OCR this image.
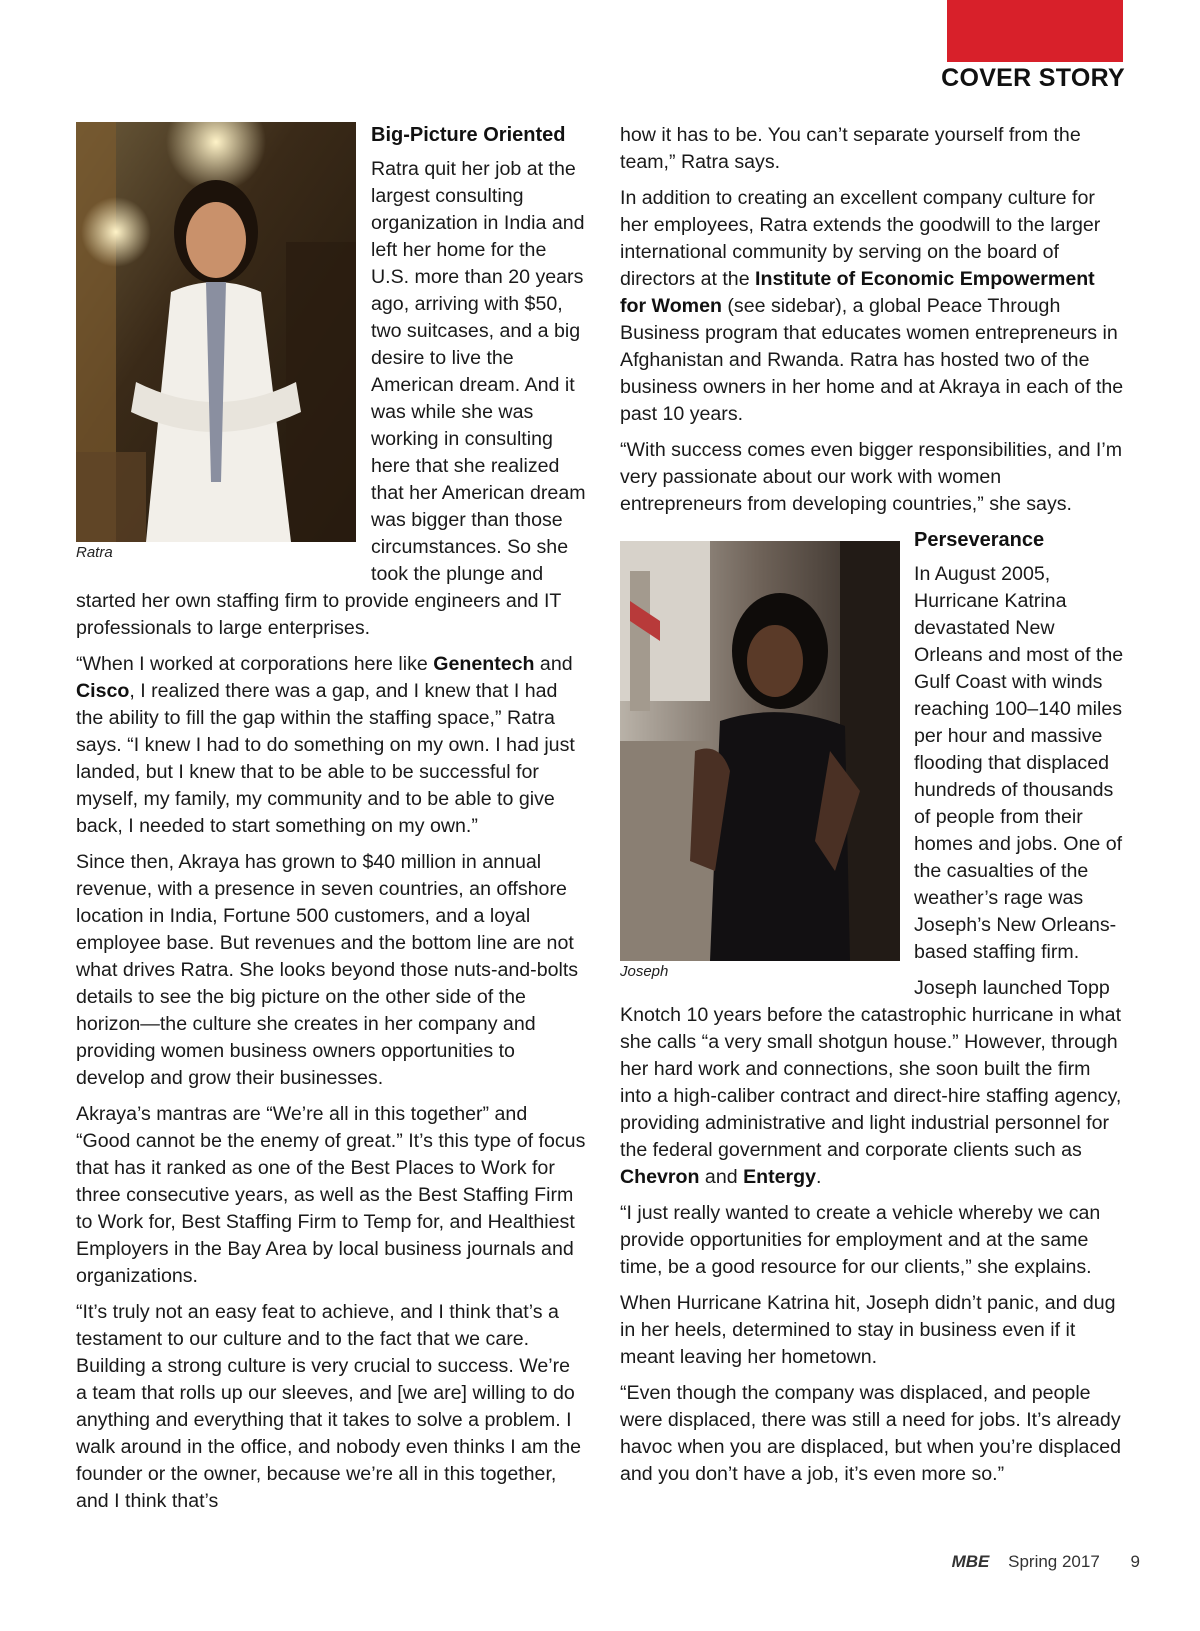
COVER STORY
Ratra
Big-Picture Oriented

Ratra quit her job at the largest consulting organization in India and left her home for the U.S. more than 20 years ago, arriving with $50, two suitcases, and a big desire to live the American dream. And it was while she was working in consulting here that she realized that her American dream was bigger than those circumstances. So she took the plunge and started her own staffing firm to provide engineers and IT professionals to large enterprises.

“When I worked at corporations here like Genentech and Cisco, I realized there was a gap, and I knew that I had the ability to fill the gap within the staffing space,” Ratra says. “I knew I had to do something on my own. I had just landed, but I knew that to be able to be successful for myself, my family, my community and to be able to give back, I needed to start something on my own.”

Since then, Akraya has grown to $40 million in annual revenue, with a presence in seven countries, an offshore location in India, Fortune 500 customers, and a loyal employee base. But revenues and the bottom line are not what drives Ratra. She looks beyond those nuts-and-bolts details to see the big picture on the other side of the horizon—the culture she creates in her company and providing women business owners opportunities to develop and grow their businesses.

Akraya’s mantras are “We’re all in this together” and “Good cannot be the enemy of great.” It’s this type of focus that has it ranked as one of the Best Places to Work for three consecutive years, as well as the Best Staffing Firm to Work for, Best Staffing Firm to Temp for, and Healthiest Employers in the Bay Area by local business journals and organizations.

“It’s truly not an easy feat to achieve, and I think that’s a testament to our culture and to the fact that we care. Building a strong culture is very crucial to success. We’re a team that rolls up our sleeves, and [we are] willing to do anything and everything that it takes to solve a problem. I walk around in the office, and nobody even thinks I am the founder or the owner, because we’re all in this together, and I think that’s

how it has to be. You can’t separate yourself from the team,” Ratra says.

In addition to creating an excellent company culture for her employees, Ratra extends the goodwill to the larger international community by serving on the board of directors at the Institute of Economic Empowerment for Women (see sidebar), a global Peace Through Business program that educates women entrepreneurs in Afghanistan and Rwanda. Ratra has hosted two of the business owners in her home and at Akraya in each of the past 10 years.

“With success comes even bigger responsibilities, and I’m very passionate about our work with women entrepreneurs from developing countries,” she says.

Joseph
Perseverance

In August 2005, Hurricane Katrina devastated New Orleans and most of the Gulf Coast with winds reaching 100–140 miles per hour and massive flooding that displaced hundreds of thousands of people from their homes and jobs. One of the casualties of the weather’s rage was Joseph’s New Orleans-based staffing firm.

Joseph launched Topp Knotch 10 years before the catastrophic hurricane in what she calls “a very small shotgun house.” However, through her hard work and connections, she soon built the firm into a high-caliber contract and direct-hire staffing agency, providing administrative and light industrial personnel for the federal government and corporate clients such as Chevron and Entergy.

“I just really wanted to create a vehicle whereby we can provide opportunities for employment and at the same time, be a good resource for our clients,” she explains.

When Hurricane Katrina hit, Joseph didn’t panic, and dug in her heels, determined to stay in business even if it meant leaving her hometown.

“Even though the company was displaced, and people were displaced, there was still a need for jobs. It’s already havoc when you are displaced, but when you’re displaced and you don’t have a job, it’s even more so.”

MBE Spring 2017 9
